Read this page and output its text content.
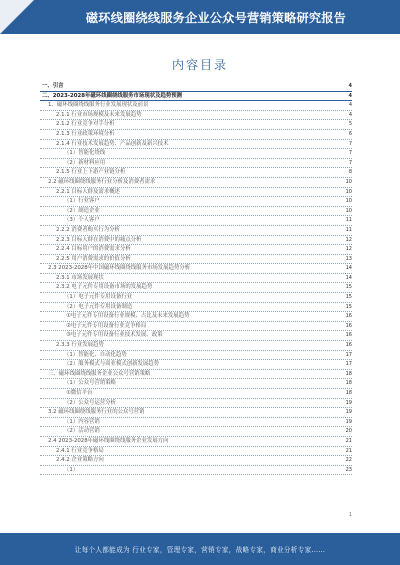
磁环线圈绕线服务企业公众号营销策略研究报告
内容目录
一、引言	4
二、2023-2028年磁环线圈绕线服务市场现状及趋势预测	4
1、磁环线圈绕线服务行业发展现状及前景	4
2.1.1 行业市场规模及未来发展趋势	4
2.1.2 行业竞争对手分析	5
2.1.3 行业政策环境分析	6
2.1.4 行业技术发展趋势、产品创新及新兴技术	7
（1）智能化绕线	7
（2）新材料应用	7
2.1.5 行业上下游产业链分析	8
2.2 磁环线圈绕线服务行业分析及消费者需求	10
2.2.1 目标人群及需求概述	10
（1）行业客户	10
（2）制造企业	10
（3）个人客户	11
2.2.2 消费者购买行为分析	11
2.2.3 目标人群在消费中的痛点分析	12
2.2.4 目标用户的消费需求分析	12
2.2.5 用户消费需求的价值分析	13
2.3 2023-2028年中国磁环线圈绕线服务市场发展趋势分析	14
2.3.1 市场发展现状	14
2.3.2 电子元件专用设备市场的发展趋势	15
（1）电子元件专用设备行业	15
（2）电子元件专用设备制造	15
①电子元件专用设备行业规模、占比及未来发展趋势	16
②电子元件专用设备行业竞争格局	16
③电子元件专用设备行业技术发展、政策	16
2.3.3 行业发展趋势	16
（1）智能化、自动化趋势	17
（2）服务模式与商业模式创新发展趋势	17
三、磁环线圈绕线服务企业公众号营销策略	18
（1）公众号营销策略	18
①微信平台	18
（2）公众号运营分析	19
3.2 磁环线圈绕线服务行业的公众号营销	19
（1）内容营销	19
（2）活动营销	20
2.4 2023-2028年磁环线圈绕线服务企业发展方向	21
2.4.1 行业竞争格局	21
2.4.2 企业策略方向	22
（1）	23
1
让每个人都能成为 行业专家，管理专家，营销专家，战略专家，商业分析专家……
